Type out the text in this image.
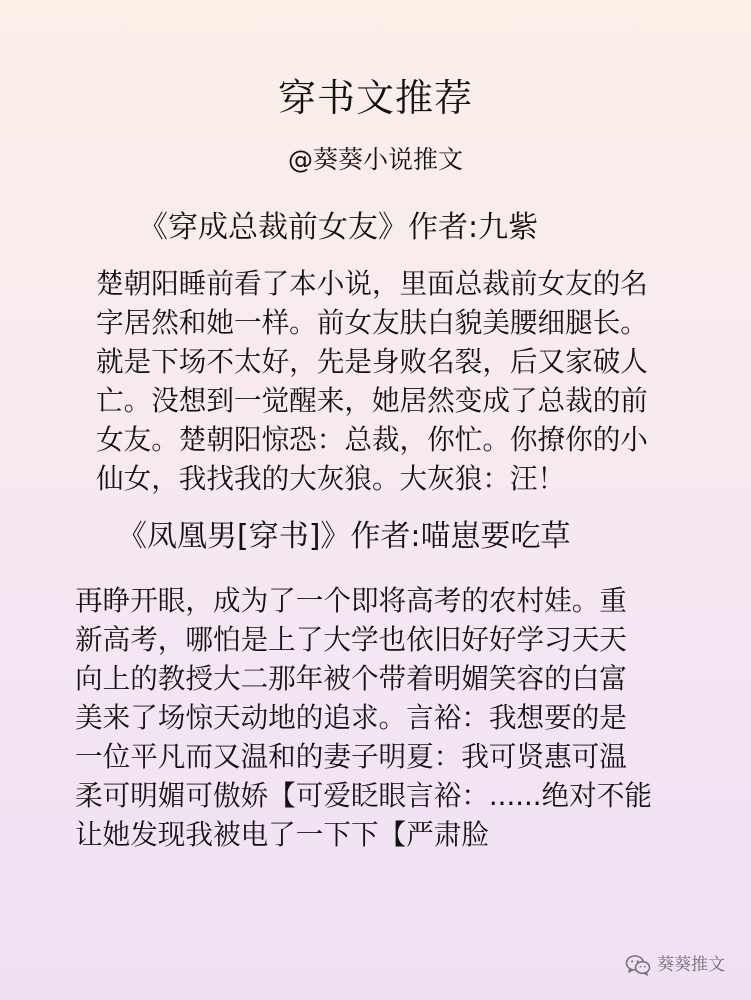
穿书文推荐
@葵葵小说推文
《穿成总裁前女友》作者:九紫
楚朝阳睡前看了本小说，里面总裁前女友的名
字居然和她一样。前女友肤白貌美腰细腿长。
就是下场不太好，先是身败名裂，后又家破人
亡。没想到一觉醒来，她居然变成了总裁的前
女友。楚朝阳惊恐：总裁，你忙。你撩你的小
仙女，我找我的大灰狼。大灰狼：汪！
《凤凰男[穿书]》作者:喵崽要吃草
再睁开眼，成为了一个即将高考的农村娃。重
新高考，哪怕是上了大学也依旧好好学习天天
向上的教授大二那年被个带着明媚笑容的白富
美来了场惊天动地的追求。言裕：我想要的是
一位平凡而又温和的妻子明夏：我可贤惠可温
柔可明媚可傲娇【可爱眨眼言裕：......绝对不能
让她发现我被电了一下下【严肃脸
葵葵推文
